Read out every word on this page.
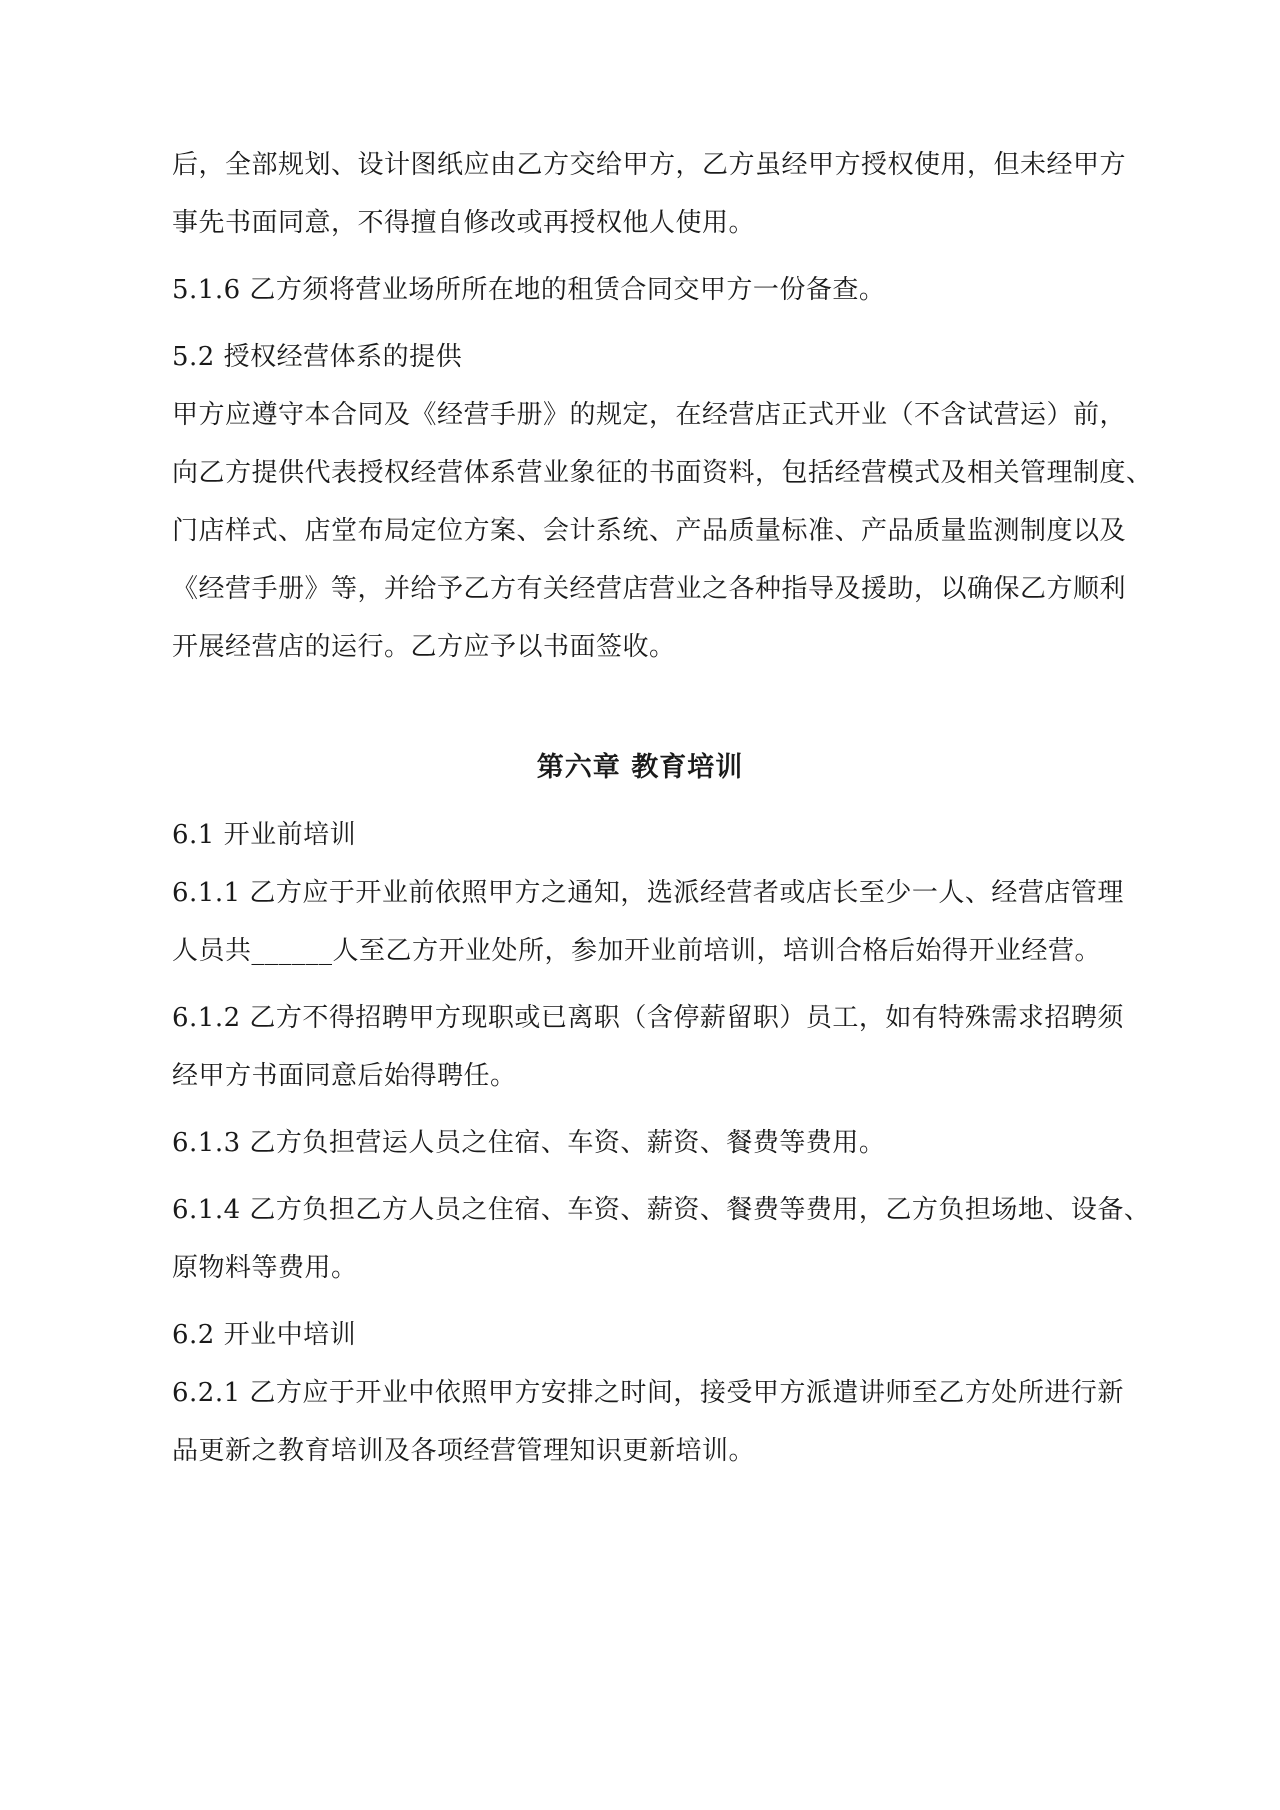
后，全部规划、设计图纸应由乙方交给甲方，乙方虽经甲方授权使用，但未经甲方
事先书面同意，不得擅自修改或再授权他人使用。
5.1.6 乙方须将营业场所所在地的租赁合同交甲方一份备查。
5.2 授权经营体系的提供
甲方应遵守本合同及《经营手册》的规定，在经营店正式开业（不含试营运）前，
向乙方提供代表授权经营体系营业象征的书面资料，包括经营模式及相关管理制度、
门店样式、店堂布局定位方案、会计系统、产品质量标准、产品质量监测制度以及
《经营手册》等，并给予乙方有关经营店营业之各种指导及援助，以确保乙方顺利
开展经营店的运行。乙方应予以书面签收。
第六章 教育培训
6.1 开业前培训
6.1.1 乙方应于开业前依照甲方之通知，选派经营者或店长至少一人、经营店管理
人员共______人至乙方开业处所，参加开业前培训，培训合格后始得开业经营。
6.1.2 乙方不得招聘甲方现职或已离职（含停薪留职）员工，如有特殊需求招聘须
经甲方书面同意后始得聘任。
6.1.3 乙方负担营运人员之住宿、车资、薪资、餐费等费用。
6.1.4 乙方负担乙方人员之住宿、车资、薪资、餐费等费用，乙方负担场地、设备、
原物料等费用。
6.2 开业中培训
6.2.1 乙方应于开业中依照甲方安排之时间，接受甲方派遣讲师至乙方处所进行新
品更新之教育培训及各项经营管理知识更新培训。
